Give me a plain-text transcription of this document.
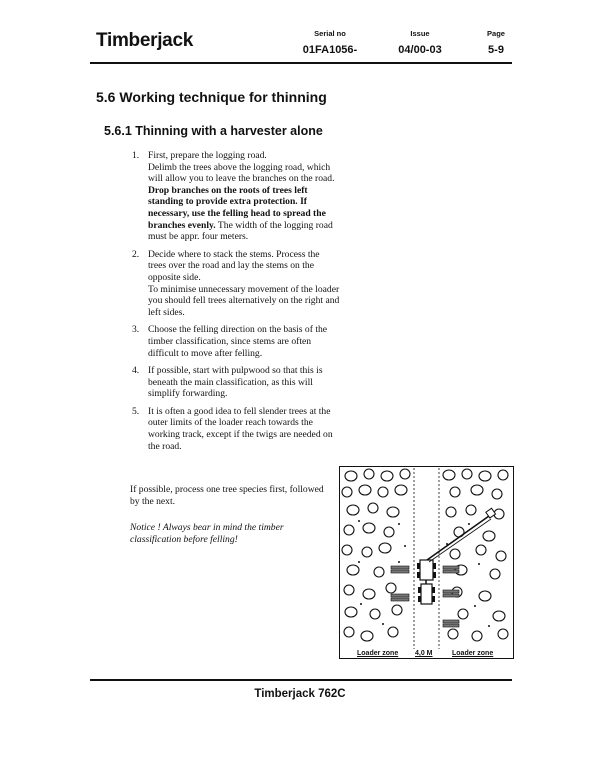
Timberjack	Serial no
01FA1056-
Issue
04/00-03
Page
5-9
5.6 Working technique for thinning
5.6.1 Thinning with a harvester alone
1. First, prepare the logging road.

Delimb the trees above the logging road, which will allow you to leave the branches on the road.

Drop branches on the roots of trees left standing to provide extra protection. If necessary, use the felling head to spread the branches evenly. The width of the logging road must be appr. four meters.

2. Decide where to stack the stems. Process the trees over the road and lay the stems on the opposite side.

To minimise unnecessary movement of the loader you should fell trees alternatively on the right and left sides.

3. Choose the felling direction on the basis of the timber classification, since stems are often difficult to move after felling.

4. If possible, start with pulpwood so that this is beneath the main classification, as this will simplify forwarding.

5. It is often a good idea to fell slender trees at the outer limits of the loader reach towards the working track, except if the twigs are needed on the road.

If possible, process one tree species first, followed by the next.

Notice ! Always bear in mind the timber classification before felling!

Loader zone 4,0 M	Loader zone
Timberjack 762C
